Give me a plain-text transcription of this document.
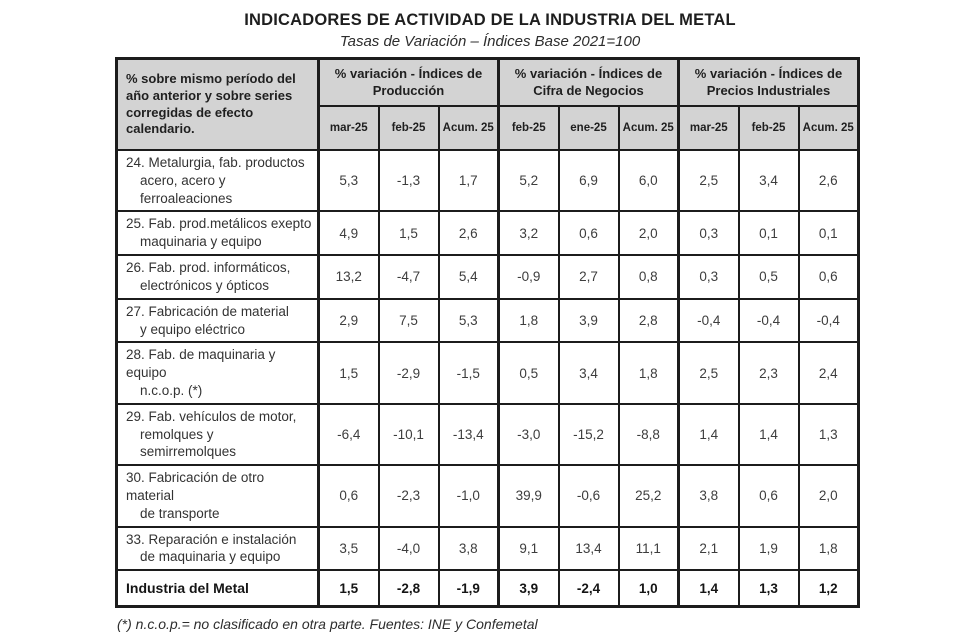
INDICADORES DE ACTIVIDAD DE LA INDUSTRIA DEL METAL
Tasas de Variación – Índices Base 2021=100
% sobre mismo período del año anterior y sobre series corregidas de efecto calendario.	% variación - Índices de Producción			% variación - Índices de Cifra de Negocios			% variación - Índices de Precios Industriales		
	mar-25	feb-25	Acum. 25	feb-25	ene-25	Acum. 25	mar-25	feb-25	Acum. 25

24. Metalurgia, fab. productos
acero, acero y ferroaleaciones	5,3	-1,3	1,7	5,2	6,9	6,0	2,5	3,4	2,6

25. Fab. prod.metálicos exepto
maquinaria y equipo	4,9	1,5	2,6	3,2	0,6	2,0	0,3	0,1	0,1

26. Fab. prod. informáticos,
electrónicos y ópticos	13,2	-4,7	5,4	-0,9	2,7	0,8	0,3	0,5	0,6

27. Fabricación de material
y equipo eléctrico	2,9	7,5	5,3	1,8	3,9	2,8	-0,4	-0,4	-0,4

28. Fab. de maquinaria y equipo
n.c.o.p. (*)	1,5	-2,9	-1,5	0,5	3,4	1,8	2,5	2,3	2,4

29. Fab. vehículos de motor,
remolques y semirremolques	-6,4	-10,1	-13,4	-3,0	-15,2	-8,8	1,4	1,4	1,3

30. Fabricación de otro material
de transporte	0,6	-2,3	-1,0	39,9	-0,6	25,2	3,8	0,6	2,0

33. Reparación e instalación
de maquinaria y equipo	3,5	-4,0	3,8	9,1	13,4	11,1	2,1	1,9	1,8
Industria del Metal	1,5	-2,8	-1,9	3,9	-2,4	1,0	1,4	1,3	1,2
(*) n.c.o.p.= no clasificado en otra parte. Fuentes: INE y Confemetal
